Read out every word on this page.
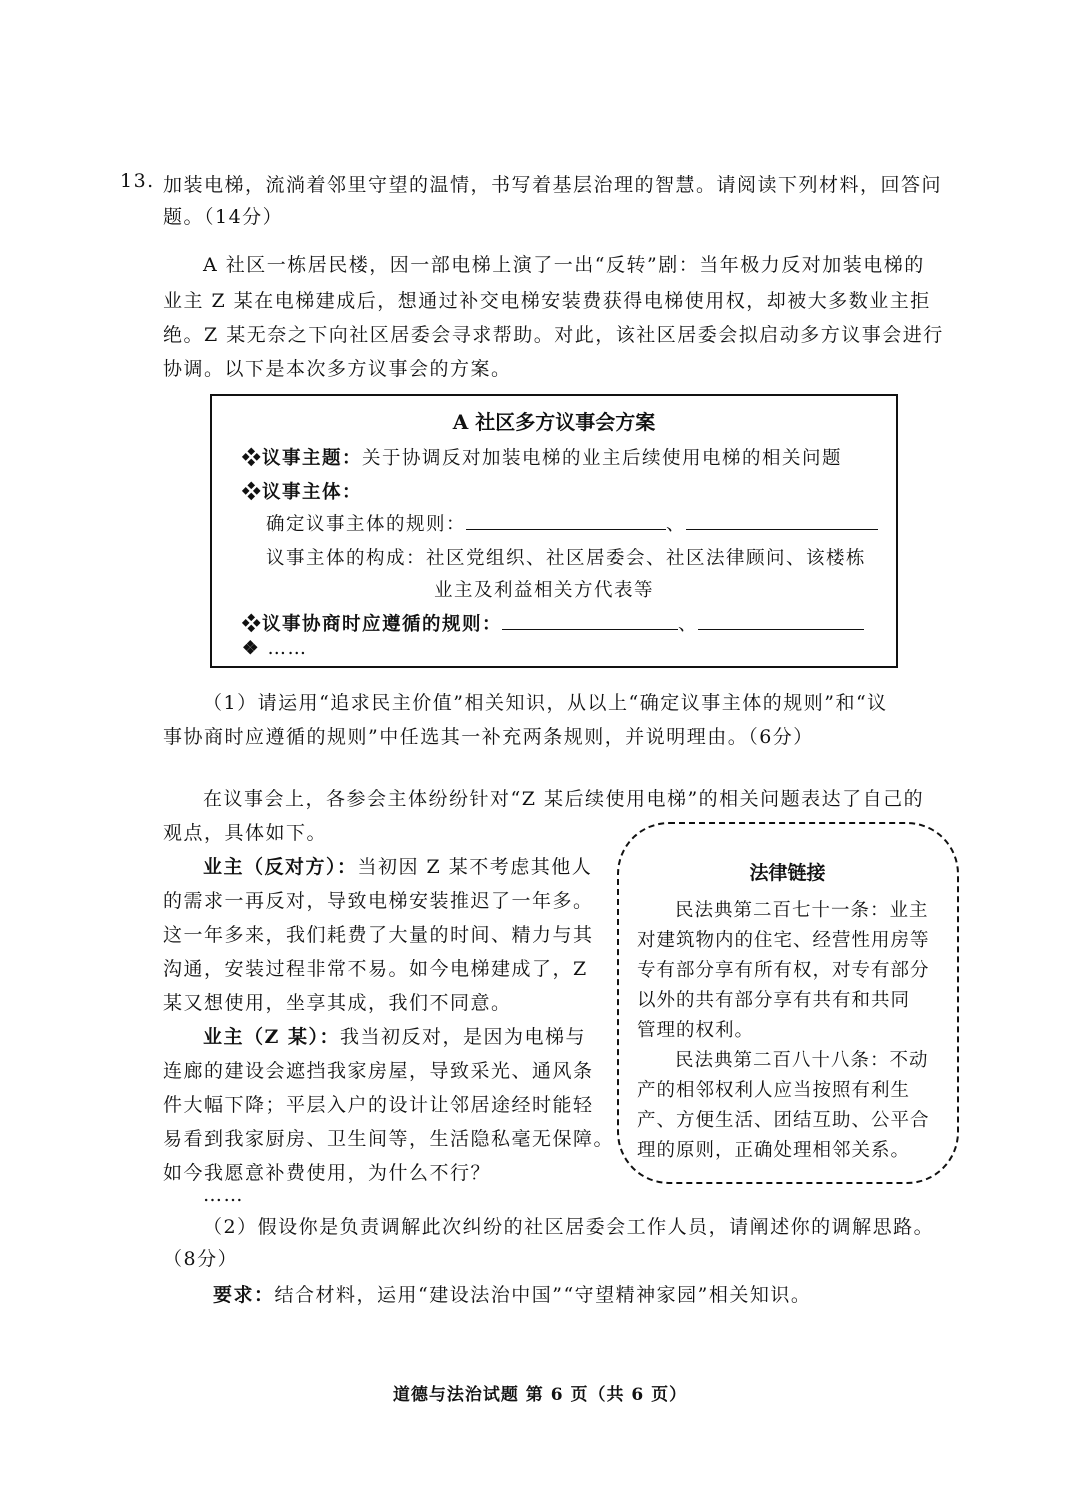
13. 加装电梯，流淌着邻里守望的温情，书写着基层治理的智慧。请阅读下列材料，回答问
题。（14分）
A 社区一栋居民楼，因一部电梯上演了一出“反转”剧：当年极力反对加装电梯的
业主 Z 某在电梯建成后，想通过补交电梯安装费获得电梯使用权，却被大多数业主拒
绝。Z 某无奈之下向社区居委会寻求帮助。对此，该社区居委会拟启动多方议事会进行
协调。以下是本次多方议事会的方案。
A 社区多方议事会方案
❖议事主题：关于协调反对加装电梯的业主后续使用电梯的相关问题
❖议事主体：
确定议事主体的规则：	、
议事主体的构成：社区党组织、社区居委会、社区法律顾问、该楼栋
业主及利益相关方代表等
❖议事协商时应遵循的规则：	、
❖ ……
（1）请运用“追求民主价值”相关知识，从以上“确定议事主体的规则”和“议
事协商时应遵循的规则”中任选其一补充两条规则，并说明理由。（6分）
在议事会上，各参会主体纷纷针对“Z 某后续使用电梯”的相关问题表达了自己的
观点，具体如下。
业主（反对方）：当初因 Z 某不考虑其他人
的需求一再反对，导致电梯安装推迟了一年多。
这一年多来，我们耗费了大量的时间、精力与其
沟通，安装过程非常不易。如今电梯建成了，Z
某又想使用，坐享其成，我们不同意。
业主（Z 某）：我当初反对，是因为电梯与
连廊的建设会遮挡我家房屋，导致采光、通风条
件大幅下降；平层入户的设计让邻居途经时能轻
易看到我家厨房、卫生间等，生活隐私毫无保障。
如今我愿意补费使用，为什么不行？
……
法律链接
民法典第二百七十一条：业主
对建筑物内的住宅、经营性用房等
专有部分享有所有权，对专有部分
以外的共有部分享有共有和共同
管理的权利。
民法典第二百八十八条：不动
产的相邻权利人应当按照有利生
产、方便生活、团结互助、公平合
理的原则，正确处理相邻关系。
（2）假设你是负责调解此次纠纷的社区居委会工作人员，请阐述你的调解思路。
（8分）
要求：结合材料，运用“建设法治中国”“守望精神家园”相关知识。
道德与法治试题 第 6 页（共 6 页）
